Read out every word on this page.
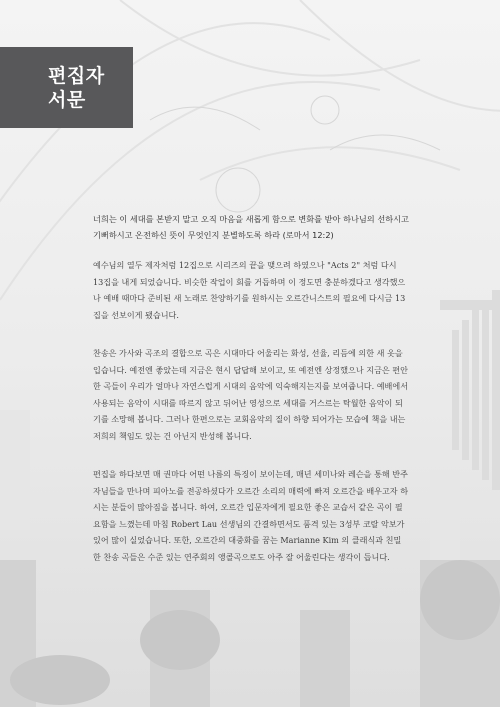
편집자
서문
너희는 이 세대를 본받지 말고 오직 마음을 새롭게 함으로 변화를 받아 하나님의 선하시고 기뻐하시고 온전하신 뜻이 무엇인지 분별하도록 하라 (로마서 12:2)

예수님의 열두 제자처럼 12집으로 시리즈의 끝을 맺으려 하였으나 "Acts 2" 처럼 다시 13집을 내게 되었습니다. 비슷한 작업이 회를 거듭하며 이 정도면 충분하겠다고 생각했으나 예배 때마다 준비된 새 노래로 찬양하기를 원하시는 오르간니스트의 필요에 다시금 13집을 선보이게 됐습니다.

찬송은 가사와 곡조의 결합으로 곡은 시대마다 어울리는 화성, 선율, 리듬에 의한 새 옷을 입습니다. 예전엔 좋았는데 지금은 현시 답답해 보이고, 또 예전엔 상정했으나 지금은 편안한 곡들이 우리가 얼마나 자연스럽게 시대의 음악에 익숙해지는지를 보여줍니다. 예배에서 사용되는 음악이 시대를 따르지 않고 뒤어난 영성으로 세대를 거스르는 탁월한 음악이 되기를 소망해 봅니다. 그러나 한편으로는 교회음악의 질이 하향 되어가는 모습에 책을 내는 저희의 책임도 있는 건 아닌지 반성해 봅니다.

편집을 하다보면 매 권마다 어떤 나름의 특징이 보이는데, 매년 세미나와 레슨을 통해 반주자님들을 만나며 피아노를 전공하셨다가 오르간 소리의 매력에 빠져 오르간을 배우고자 하시는 분들이 많아짐을 봅니다. 하여, 오르간 입문자에게 필요한 좋은 교습서 같은 곡이 필요함을 느꼈는데 마침 Robert Lau 선생님의 간결하면서도 품격 있는 3성부 코랄 악보가 있어 많이 실었습니다. 또한, 오르간의 대중화를 꿈는 Marianne Kim 의 클래식과 친밀한 찬송 곡들은 수준 있는 연주회의 앵콜곡으로도 아주 잘 어울린다는 생각이 듭니다.
